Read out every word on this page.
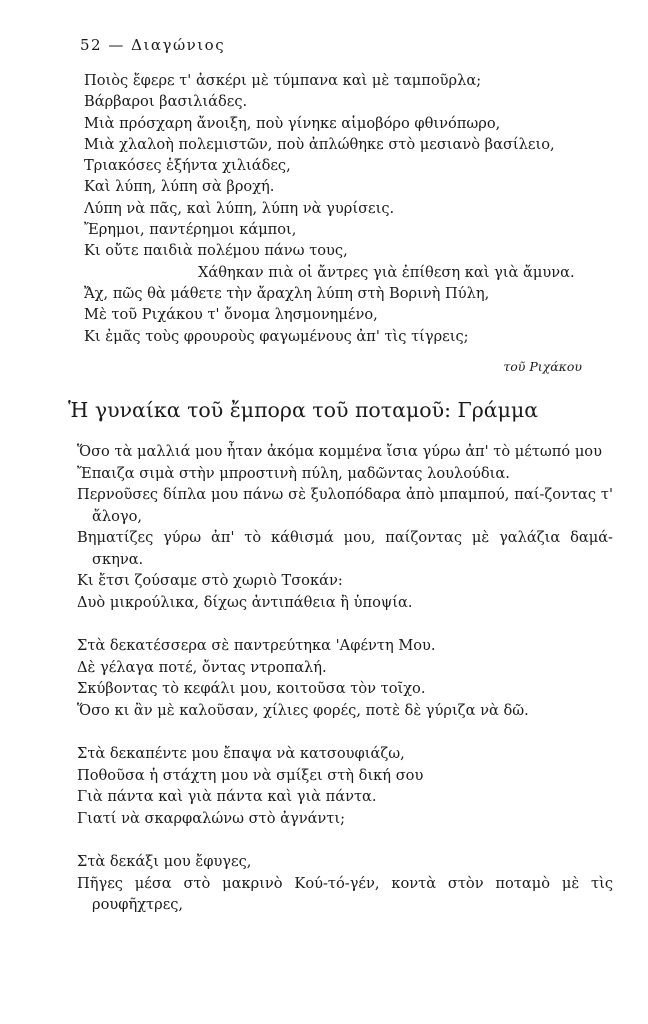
52 — Διαγώνιος
Ποιὸς ἔφερε τ' ἀσκέρι μὲ τύμπανα καὶ μὲ ταμποῦρλα;
Βάρβαροι βασιλιάδες.
Μιὰ πρόσχαρη ἄνοιξη, ποὺ γίνηκε αἱμοβόρο φθινόπωρο,
Μιὰ χλαλοὴ πολεμιστῶν, ποὺ ἀπλώθηκε στὸ μεσιανὸ βασίλειο,
Τριακόσες ἑξήντα χιλιάδες,
Καὶ λύπη, λύπη σὰ βροχή.
Λύπη νὰ πᾶς, καὶ λύπη, λύπη νὰ γυρίσεις.
Ἔρημοι, παντέρημοι κάμποι,
Κι οὔτε παιδιὰ πολέμου πάνω τους,
Χάθηκαν πιὰ οἱ ἄντρες γιὰ ἐπίθεση καὶ γιὰ ἄμυνα.
Ἄχ, πῶς θὰ μάθετε τὴν ἄραχλη λύπη στὴ Βορινὴ Πύλη,
Μὲ τοῦ Ριχάκου τ' ὄνομα λησμονημένο,
Κι ἐμᾶς τοὺς φρουροὺς φαγωμένους ἀπ' τὶς τίγρεις;
τοῦ Ριχάκου
Ἡ γυναίκα τοῦ ἔμπορα τοῦ ποταμοῦ: Γράμμα
Ὅσο τὰ μαλλιά μου ἦταν ἀκόμα κομμένα ἴσια γύρω ἀπ' τὸ μέτωπό μου
Ἔπαιζα σιμὰ στὴν μπροστινὴ πύλη, μαδῶντας λουλούδια.
Περνοῦσες δίπλα μου πάνω σὲ ξυλοπόδαρα ἀπὸ μπαμπού, παί-ζοντας τ' ἄλογο,
Βηματίζες γύρω ἀπ' τὸ κάθισμά μου, παίζοντας μὲ γαλάζια δαμά-σκηνα.
Κι ἔτσι ζούσαμε στὸ χωριὸ Τσοκάν:
Δυὸ μικρούλικα, δίχως ἀντιπάθεια ἢ ὑποψία.
Στὰ δεκατέσσερα σὲ παντρεύτηκα 'Αφέντη Μου.
Δὲ γέλαγα ποτέ, ὄντας ντροπαλή.
Σκύβοντας τὸ κεφάλι μου, κοιτοῦσα τὸν τοῖχο.
Ὅσο κι ἂν μὲ καλοῦσαν, χίλιες φορές, ποτὲ δὲ γύριζα νὰ δῶ.
Στὰ δεκαπέντε μου ἔπαψα νὰ κατσουφιάζω,
Ποθοῦσα ἡ στάχτη μου νὰ σμίξει στὴ δική σου
Γιὰ πάντα καὶ γιὰ πάντα καὶ γιὰ πάντα.
Γιατί νὰ σκαρφαλώνω στὸ ἀγνάντι;
Στὰ δεκάξι μου ἔφυγες,
Πῆγες μέσα στὸ μακρινὸ Κού-τό-γέν, κοντὰ στὸν ποταμὸ μὲ τὶς ρουφῆχτρες,
